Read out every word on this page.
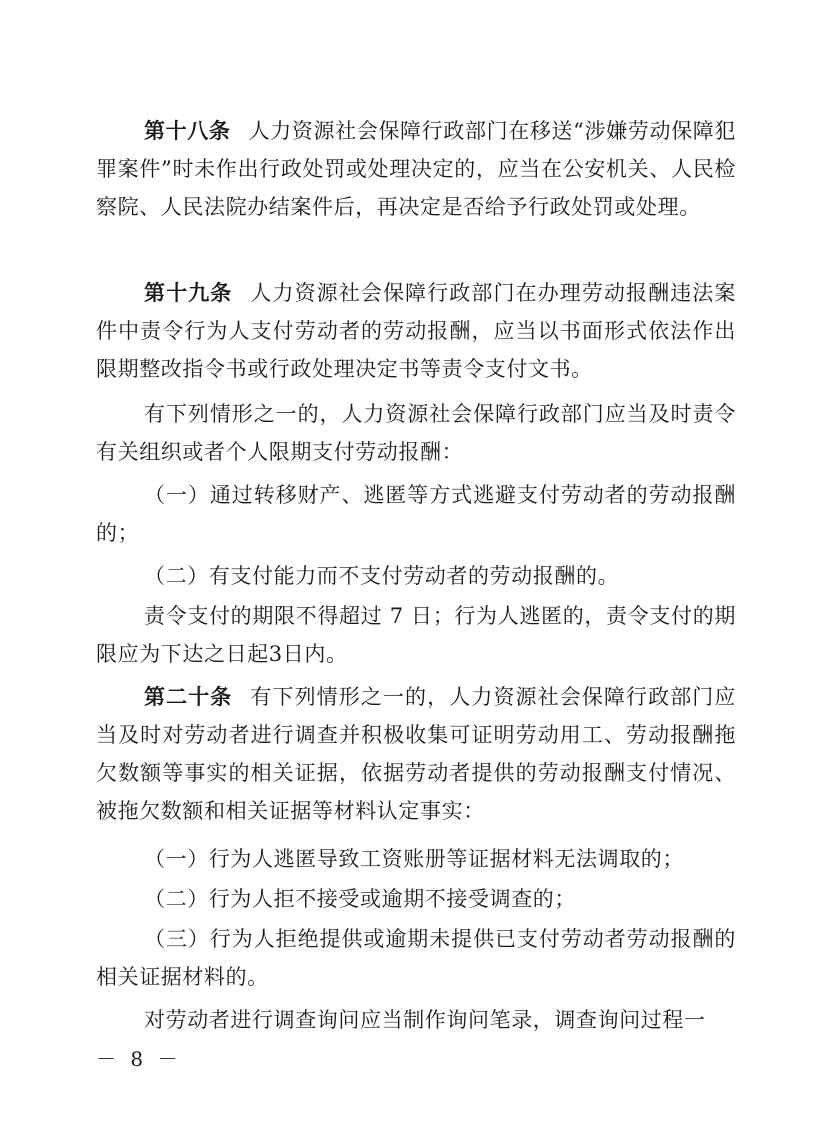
第十八条 人力资源社会保障行政部门在移送“涉嫌劳动保障犯罪案件”时未作出行政处罚或处理决定的，应当在公安机关、人民检察院、人民法院办结案件后，再决定是否给予行政处罚或处理。

第十九条 人力资源社会保障行政部门在办理劳动报酬违法案件中责令行为人支付劳动者的劳动报酬，应当以书面形式依法作出限期整改指令书或行政处理决定书等责令支付文书。

有下列情形之一的，人力资源社会保障行政部门应当及时责令有关组织或者个人限期支付劳动报酬：

（一）通过转移财产、逃匿等方式逃避支付劳动者的劳动报酬的；

（二）有支付能力而不支付劳动者的劳动报酬的。

责令支付的期限不得超过 7 日；行为人逃匿的，责令支付的期限应为下达之日起3日内。

第二十条 有下列情形之一的，人力资源社会保障行政部门应当及时对劳动者进行调查并积极收集可证明劳动用工、劳动报酬拖欠数额等事实的相关证据，依据劳动者提供的劳动报酬支付情况、被拖欠数额和相关证据等材料认定事实：

（一）行为人逃匿导致工资账册等证据材料无法调取的；

（二）行为人拒不接受或逾期不接受调查的；

（三）行为人拒绝提供或逾期未提供已支付劳动者劳动报酬的相关证据材料的。

对劳动者进行调查询问应当制作询问笔录，调查询问过程一

－ 8 －
